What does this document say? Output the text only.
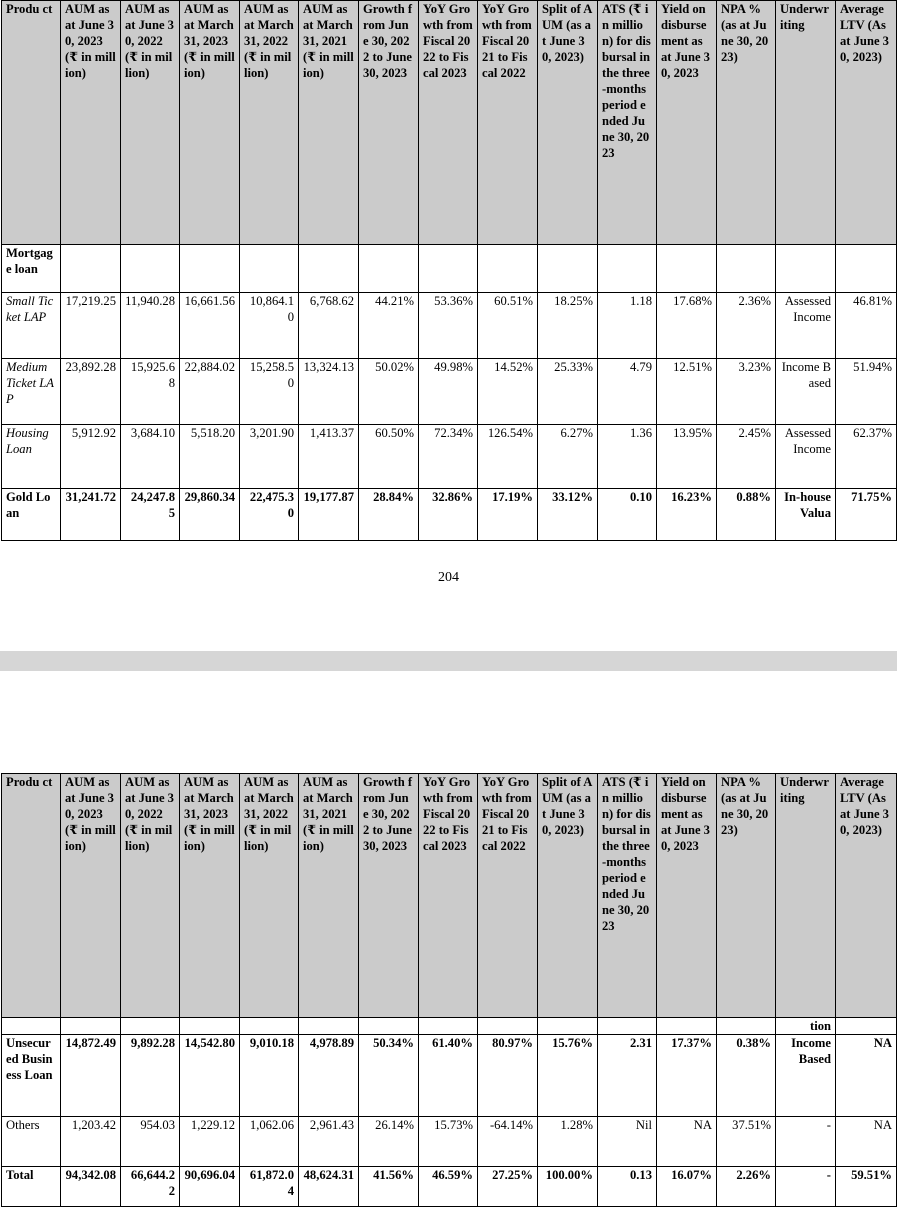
Produ ct	AUM as at June 30, 2023 (₹ in million)	AUM as at June 30, 2022 (₹ in million)	AUM as at March 31, 2023 (₹ in million)	AUM as at March 31, 2022 (₹ in million)	AUM as at March 31, 2021 (₹ in million)	Growth from June 30, 2022 to June 30, 2023	YoY Growth from Fiscal 2022 to Fiscal 2023	YoY Growth from Fiscal 2021 to Fiscal 2022	Split of AUM (as at June 30, 2023)	ATS (₹ in million) for disbursal in the three-months period ended June 30, 2023	Yield on disbursement as at June 30, 2023	NPA % (as at June 30, 2023)	Underwriting	Average LTV (As at June 30, 2023)
Mortgage loan														
Small Ticket LAP	17,219.25	11,940.28	16,661.56	10,864.10	6,768.62	44.21%	53.36%	60.51%	18.25%	1.18	17.68%	2.36%	Assessed Income	46.81%
Medium Ticket LAP	23,892.28	15,925.68	22,884.02	15,258.50	13,324.13	50.02%	49.98%	14.52%	25.33%	4.79	12.51%	3.23%	Income Based	51.94%
Housing Loan	5,912.92	3,684.10	5,518.20	3,201.90	1,413.37	60.50%	72.34%	126.54%	6.27%	1.36	13.95%	2.45%	Assessed Income	62.37%
Gold Loan	31,241.72	24,247.85	29,860.34	22,475.30	19,177.87	28.84%	32.86%	17.19%	33.12%	0.10	16.23%	0.88%	In-house Valua	71.75%
204
Produ ct	AUM as at June 30, 2023 (₹ in million)	AUM as at June 30, 2022 (₹ in million)	AUM as at March 31, 2023 (₹ in million)	AUM as at March 31, 2022 (₹ in million)	AUM as at March 31, 2021 (₹ in million)	Growth from June 30, 2022 to June 30, 2023	YoY Growth from Fiscal 2022 to Fiscal 2023	YoY Growth from Fiscal 2021 to Fiscal 2022	Split of AUM (as at June 30, 2023)	ATS (₹ in million) for disbursal in the three-months period ended June 30, 2023	Yield on disbursement as at June 30, 2023	NPA % (as at June 30, 2023)	Underwriting	Average LTV (As at June 30, 2023)
													tion	
Unsecured Business Loan	14,872.49	9,892.28	14,542.80	9,010.18	4,978.89	50.34%	61.40%	80.97%	15.76%	2.31	17.37%	0.38%	Income Based	NA
Others	1,203.42	954.03	1,229.12	1,062.06	2,961.43	26.14%	15.73%	-64.14%	1.28%	Nil	NA	37.51%	-	NA
Total	94,342.08	66,644.22	90,696.04	61,872.04	48,624.31	41.56%	46.59%	27.25%	100.00%	0.13	16.07%	2.26%	-	59.51%
